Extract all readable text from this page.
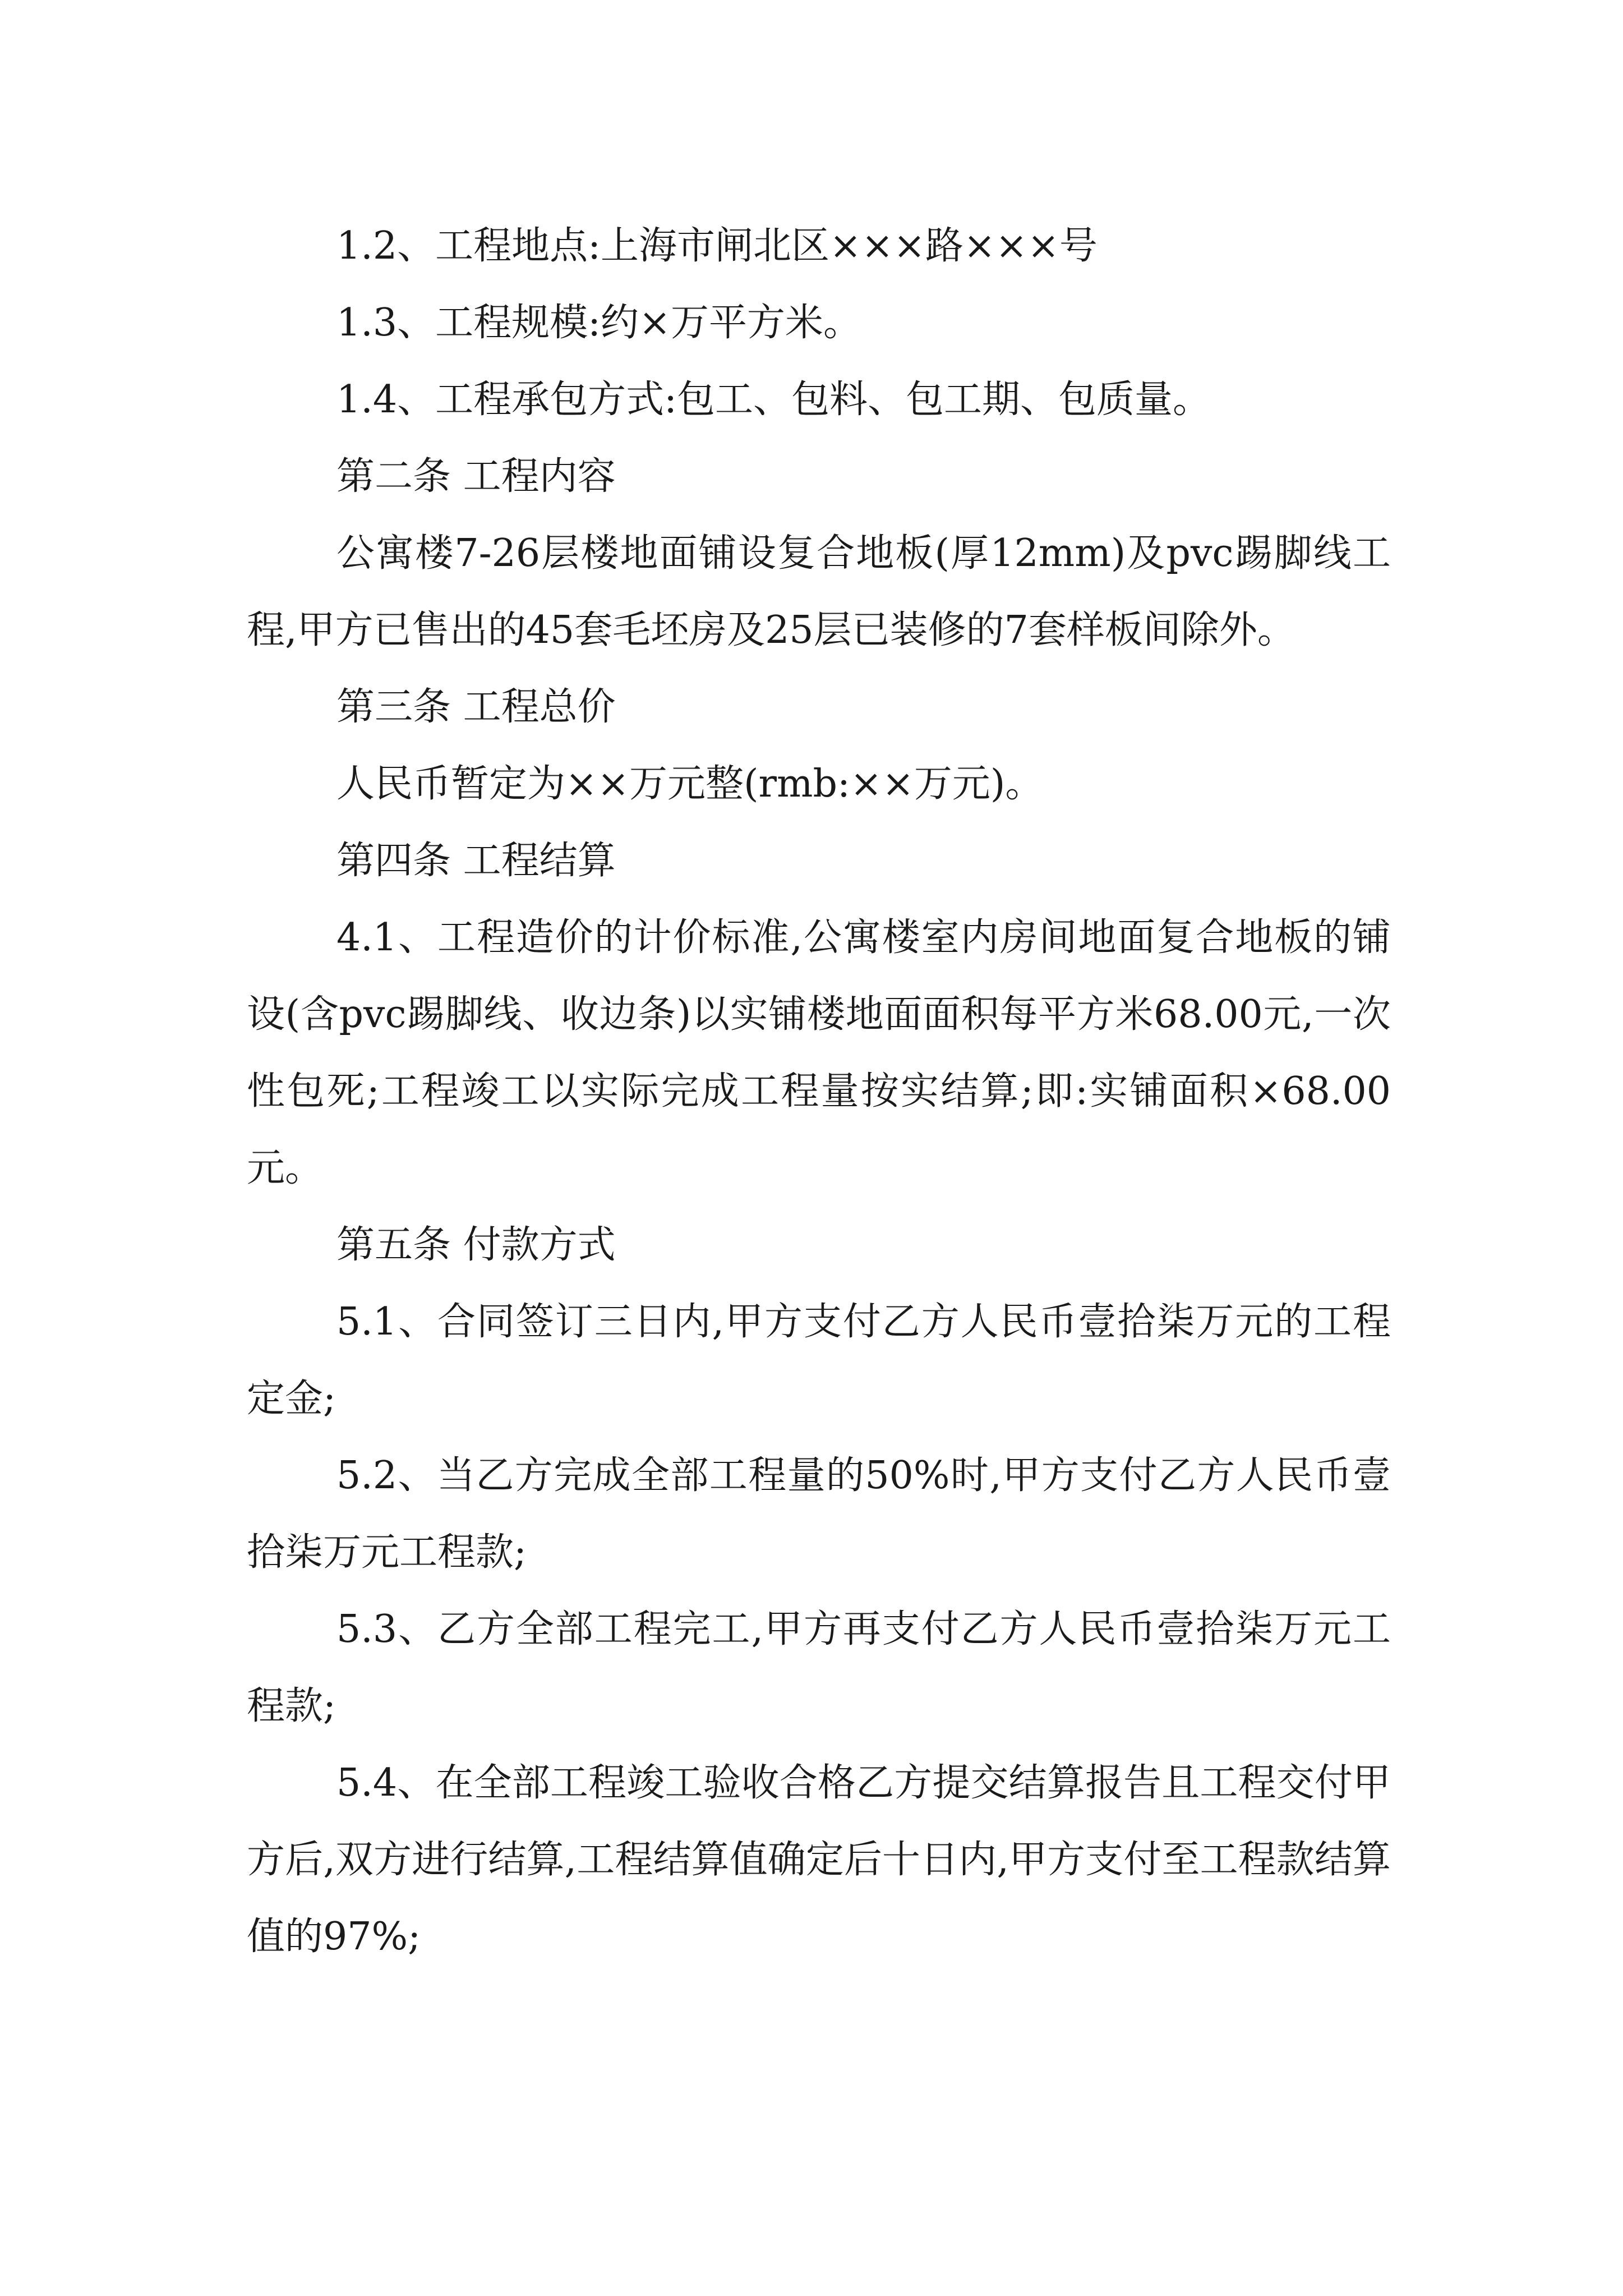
1.2、工程地点:上海市闸北区×××路×××号

1.3、工程规模:约×万平方米。

1.4、工程承包方式:包工、包料、包工期、包质量。

第二条 工程内容

公寓楼7-26层楼地面铺设复合地板(厚12mm)及pvc踢脚线工程,甲方已售出的45套毛坯房及25层已装修的7套样板间除外。

第三条 工程总价

人民币暂定为××万元整(rmb:××万元)。

第四条 工程结算

4.1、工程造价的计价标准,公寓楼室内房间地面复合地板的铺设(含pvc踢脚线、收边条)以实铺楼地面面积每平方米68.00元,一次性包死;工程竣工以实际完成工程量按实结算;即:实铺面积×68.00元。

第五条 付款方式

5.1、合同签订三日内,甲方支付乙方人民币壹拾柒万元的工程定金;

5.2、当乙方完成全部工程量的50%时,甲方支付乙方人民币壹拾柒万元工程款;

5.3、乙方全部工程完工,甲方再支付乙方人民币壹拾柒万元工程款;

5.4、在全部工程竣工验收合格乙方提交结算报告且工程交付甲方后,双方进行结算,工程结算值确定后十日内,甲方支付至工程款结算值的97%;
